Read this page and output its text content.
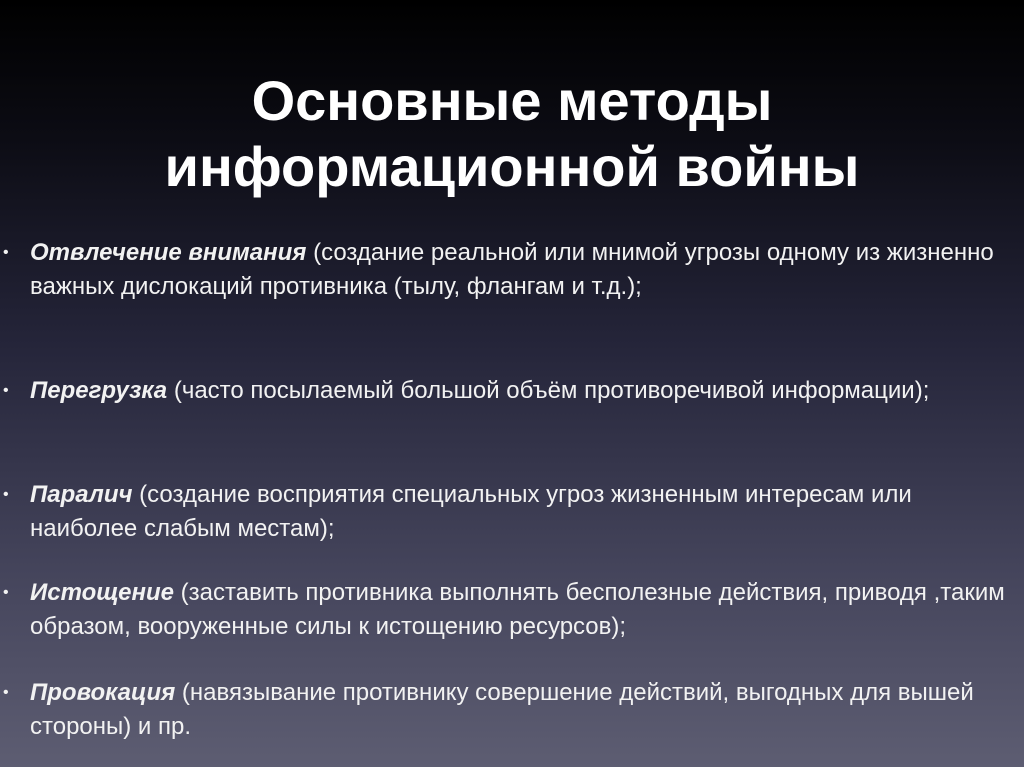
Основные методы
информационной войны
• Отвлечение внимания (создание реальной или мнимой угрозы одному из жизненно важных дислокаций противника (тылу, флангам и т.д.);
• Перегрузка (часто посылаемый большой объём противоречивой информации);
• Паралич (создание восприятия специальных угроз жизненным интересам или наиболее слабым местам);
• Истощение (заставить противника выполнять бесполезные действия, приводя ,таким образом, вооруженные силы к истощению ресурсов);
• Провокация (навязывание противнику совершение действий, выгодных для вышей стороны) и пр.
